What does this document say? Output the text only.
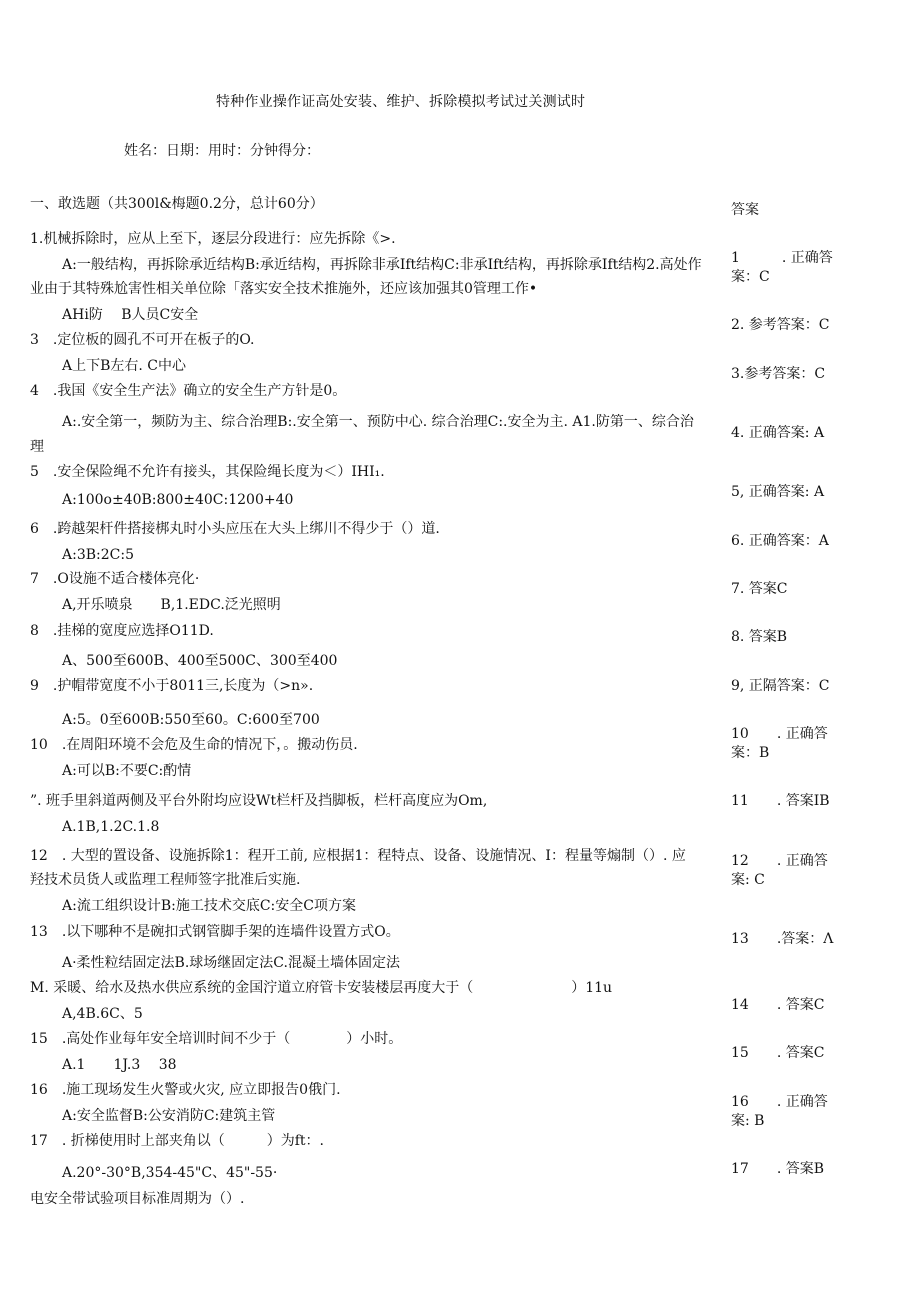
特种作业操作证高处安装、维护、拆除模拟考试过关测试时
姓名：日期：用时：分钟得分：
一、敢选题（共300l&梅题0.2分，总计60分）	答案
1.机械拆除时，应从上至下，逐层分段进行：应先拆除《>.
A:一般结构，再拆除承近结构B:承近结构，再拆除非承Ift结构C:非承Ift结构，再拆除承Ift结构2.高处作
业由于其特殊尬害性相关单位除「落实安全技术推施外，还应该加强其0管理工作•
AHi防　 B人员C安全
3　.定位板的圆孔不可开在板子的O.
A上下B左右. C中心
4　.我国《安全生产法》确立的安全生产方针是0。
A:.安全第一，频防为主、综合治理B:.安全第一、预防中心. 综合治理C:.安全为主. A1.防第一、综合治
理
5　.安全保险绳不允许有接头，其保险绳长度为＜）IHI₁.
A:100o±40B:800±40C:1200+40
6　.跨越架杆件搭接梆丸时小头应压在大头上绑川不得少于（）道.
A:3B:2C:5
7　.O设施不适合楼体亮化·
A,开乐喷泉　　B,1.EDC.泛光照明
8　.挂梯的宽度应选择O11D.
A、500至600B、400至500C、300至400
9　.护帽带宽度不小于8011三,长度为（>n».
A:5。0至600B:550至60。C:600至700
10　.在周阳环境不会危及生命的情况下，。搬动伤员.
A:可以B:不要C:酌情
”. 班手里斜道两侧及平台外附均应设Wt栏杆及挡脚板，栏杆高度应为Om,
A.1B,1.2C.1.8
12　. 大型的置设备、设施拆除1：程开工前, 应根据1：程特点、设备、设施情况、I：程量等煽制（）. 应
羟技术员货人或监理工程师签字批准后实施.
A:流工组织设计B:施工技术交底C:安全C项方案
13　.以下哪种不是碗扣式钢管脚手架的连墙件设置方式O。
A·柔性粒结固定法B.球场继固定法C.混凝土墙体固定法
M. 采暖、给水及热水供应系统的金国泞道立府管卡安装楼层再度大于（　　　　　　　）11u
A,4B.6C、5
15　.高处作业每年安全培训时间不少于（　　　　）小时。
A.1　　1J.3　 38
16　.施工现场发生火警或火灾, 应立即报告0俄门.
A:安全监督B:公安消防C:建筑主管
17　. 折梯使用时上部夹角以（　　　）为ft：.
A.20°-30°B,354-45"C、45"-55·
电安全带试验项目标准周期为（）.
1　　　. 正确答案：C
2. 参考答案：C
3.参考答案：C
4. 正确答案: A
5, 正确答案: A
6. 正确答案：A
7. 答案C
8. 答案B
9, 正隔答案：C
10　　. 正确答案：B
11　　. 答案IB
12　　. 正确答案: C
13　　.答案：Λ
14　　. 答案C
15　　. 答案C
16　　. 正确答案: B
17　　. 答案B
